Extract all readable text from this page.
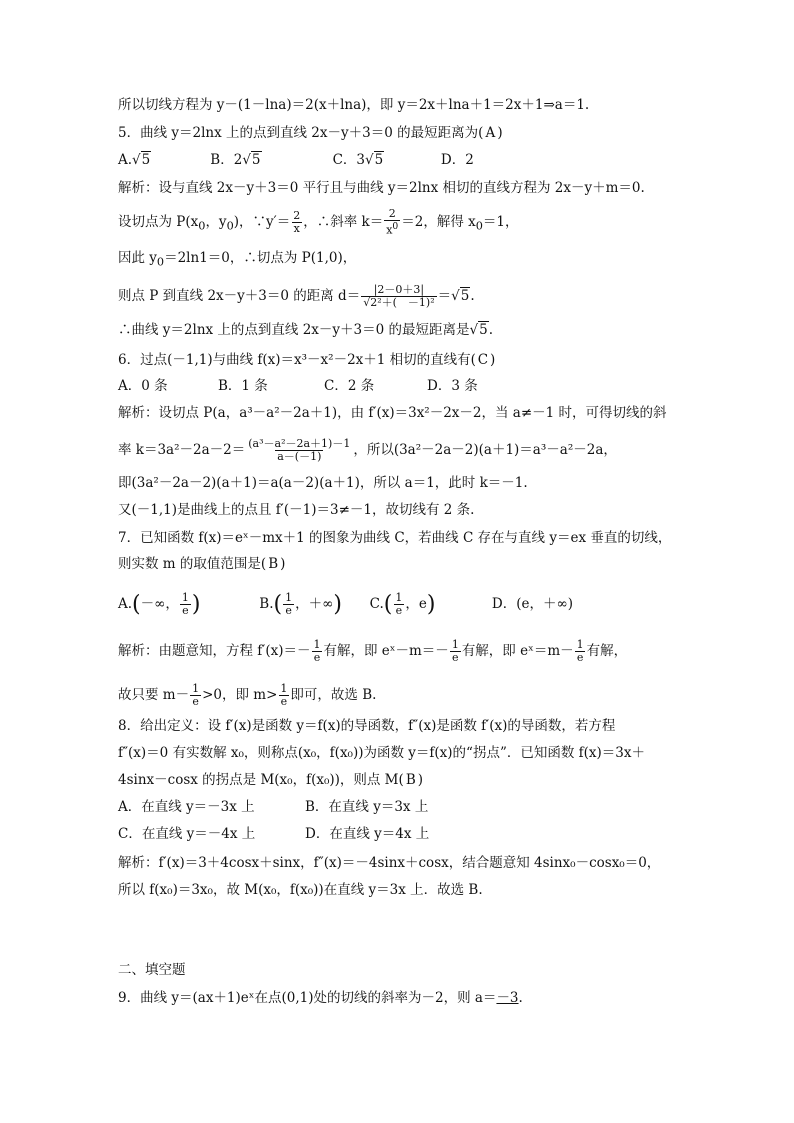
所以切线方程为 y－(1－lna)＝2(x＋lna)，即 y＝2x＋lna＋1＝2x＋1⇒a＝1.
5．曲线 y＝2lnx 上的点到直线 2x－y＋3＝0 的最短距离为( A )
A.√5	B．2√5	C．3√5	D．2
解析：设与直线 2x－y＋3＝0 平行且与曲线 y＝2lnx 相切的直线方程为 2x－y＋m＝0.
设切点为 $P(x_0$，$y_0$)，∵y′＝ $\frac{2}{x}$ ，∴斜率 $k= \frac{2}{x^0} =2$，解得 $x_0=1$，
因此 $y_0=2\ln 1=0$，∴切点为 P(1,0)，
则点 P 到直线 2x－y＋3＝0 的距离 $d= \frac{|2-0+3|}{\text{√2²＋(　－1)²}} =√5$.
∴曲线 y＝2lnx 上的点到直线 2x－y＋3＝0 的最短距离是√5.
6．过点(－1,1)与曲线 f(x)＝x³－x²－2x＋1 相切的直线有( C )
A．0 条	B．1 条	C．2 条	D．3 条
解析：设切点 P(a，a³－a²－2a＋1)，由 f′(x)＝3x²－2x－2，当 a≠－1 时，可得切线的斜
率 $k=3a^2-2a-2= \frac{\text{(a³－a²－2a＋1)－1}}{a-(-1)}$ ，所以(3a²－2a－2)(a＋1)＝a³－a²－2a，
即(3a²－2a－2)(a＋1)＝a(a－2)(a＋1)，所以 a＝1，此时 k＝－1.
又(－1,1)是曲线上的点且 f′(－1)＝3≠－1，故切线有 2 条.
7．已知函数 f(x)＝eˣ－mx＋1 的图象为曲线 C，若曲线 C 存在与直线 y＝ex 垂直的切线，
则实数 m 的取值范围是( B )
A.(－∞， $\frac{1}{e}$ )	$B.( \frac{1}{e}$ ，＋∞) $C.( \frac{1}{e}$ ，e)	D．(e，＋∞)
解析：由题意知，方程 $f'(x)=- \frac{1}{e}$ 有解，即 eˣ－m＝－ $\frac{1}{e}$ 有解，即 eˣ＝m－ $\frac{1}{e}$ 有解，
故只要 $m- \frac{1}{e} >0$，即 $m> \frac{1}{e}$ 即可，故选 B.
8．给出定义：设 f′(x)是函数 y＝f(x)的导函数，f″(x)是函数 f′(x)的导函数，若方程
f″(x)＝0 有实数解 x₀，则称点(x₀，f(x₀))为函数 y＝f(x)的“拐点”．已知函数 f(x)＝3x＋
4sinx－cosx 的拐点是 M(x₀，f(x₀))，则点 M( B )
A．在直线 y＝－3x 上	B．在直线 y＝3x 上
C．在直线 y＝－4x 上	D．在直线 y＝4x 上
解析：f′(x)＝3＋4cosx＋sinx，f″(x)＝－4sinx＋cosx，结合题意知 4sinx₀－cosx₀＝0，
所以 f(x₀)＝3x₀，故 M(x₀，f(x₀))在直线 y＝3x 上．故选 B.
二、填空题
9．曲线 y＝(ax＋1)eˣ在点(0,1)处的切线的斜率为－2，则 a＝－3.
